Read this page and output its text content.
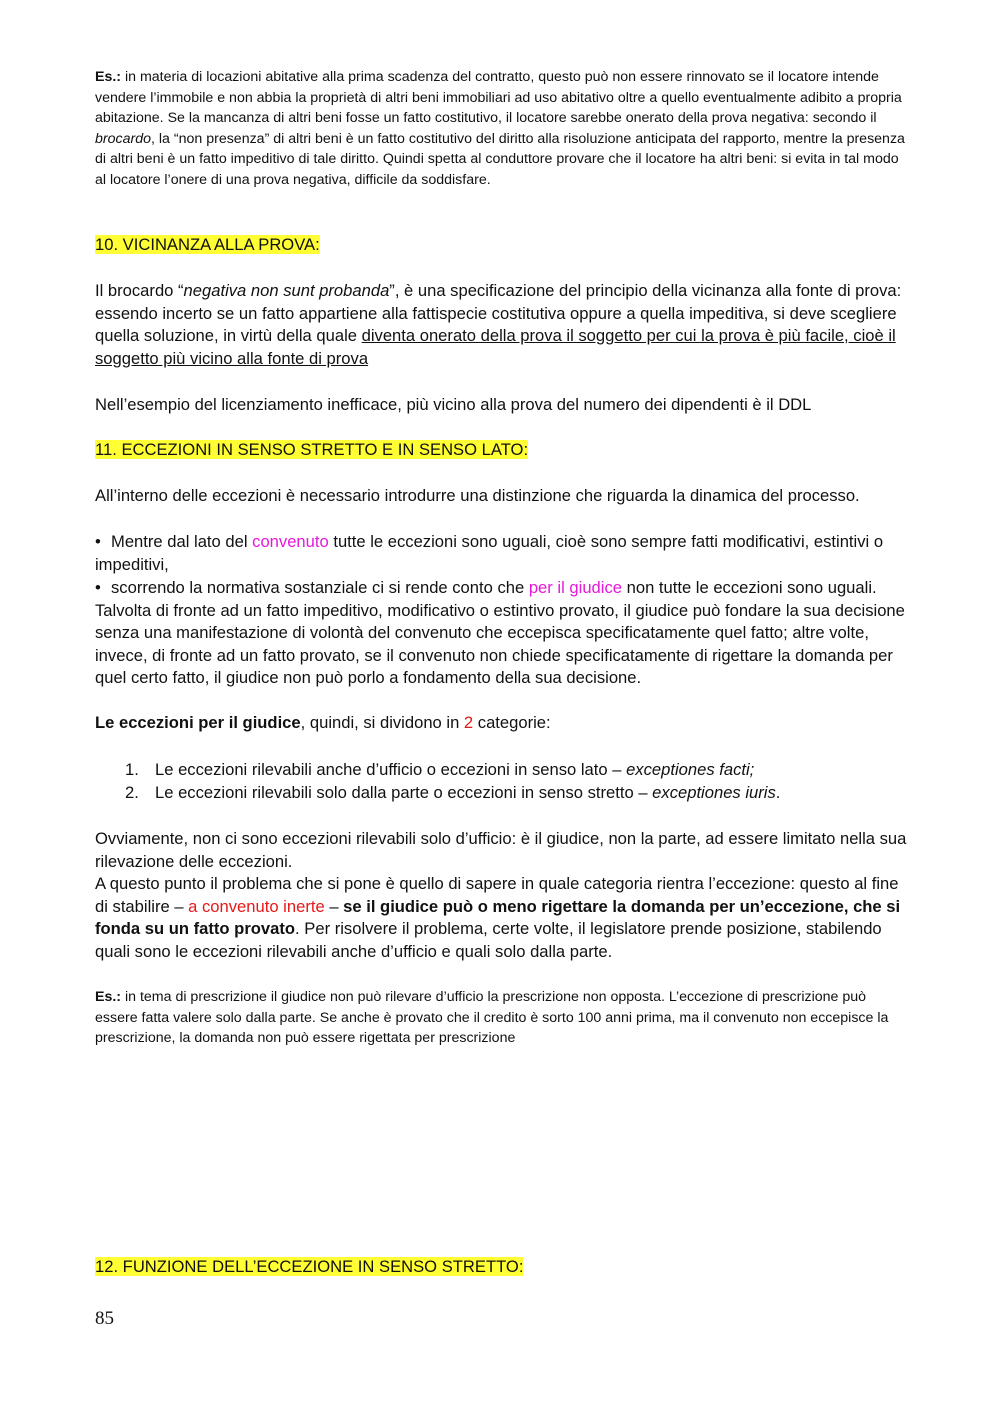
Es.: in materia di locazioni abitative alla prima scadenza del contratto, questo può non essere rinnovato se il locatore intende vendere l’immobile e non abbia la proprietà di altri beni immobiliari ad uso abitativo oltre a quello eventualmente adibito a propria abitazione. Se la mancanza di altri beni fosse un fatto costitutivo, il locatore sarebbe onerato della prova negativa: secondo il brocardo, la “non presenza” di altri beni è un fatto costitutivo del diritto alla risoluzione anticipata del rapporto, mentre la presenza di altri beni è un fatto impeditivo di tale diritto. Quindi spetta al conduttore provare che il locatore ha altri beni: si evita in tal modo al locatore l’onere di una prova negativa, difficile da soddisfare.
10. VICINANZA ALLA PROVA:
Il brocardo “negativa non sunt probanda”, è una specificazione del principio della vicinanza alla fonte di prova: essendo incerto se un fatto appartiene alla fattispecie costitutiva oppure a quella impeditiva, si deve scegliere quella soluzione, in virtù della quale diventa onerato della prova il soggetto per cui la prova è più facile, cioè il soggetto più vicino alla fonte di prova
Nell’esempio del licenziamento inefficace, più vicino alla prova del numero dei dipendenti è il DDL
11. ECCEZIONI IN SENSO STRETTO E IN SENSO LATO:
All’interno delle eccezioni è necessario introdurre una distinzione che riguarda la dinamica del processo.
• Mentre dal lato del convenuto tutte le eccezioni sono uguali, cioè sono sempre fatti modificativi, estintivi o impeditivi,
• scorrendo la normativa sostanziale ci si rende conto che per il giudice non tutte le eccezioni sono uguali. Talvolta di fronte ad un fatto impeditivo, modificativo o estintivo provato, il giudice può fondare la sua decisione senza una manifestazione di volontà del convenuto che eccepisca specificatamente quel fatto; altre volte, invece, di fronte ad un fatto provato, se il convenuto non chiede specificatamente di rigettare la domanda per quel certo fatto, il giudice non può porlo a fondamento della sua decisione.
Le eccezioni per il giudice, quindi, si dividono in 2 categorie:
1. Le eccezioni rilevabili anche d’ufficio o eccezioni in senso lato – exceptiones facti;
2. Le eccezioni rilevabili solo dalla parte o eccezioni in senso stretto – exceptiones iuris.
Ovviamente, non ci sono eccezioni rilevabili solo d’ufficio: è il giudice, non la parte, ad essere limitato nella sua rilevazione delle eccezioni.
A questo punto il problema che si pone è quello di sapere in quale categoria rientra l’eccezione: questo al fine di stabilire – a convenuto inerte – se il giudice può o meno rigettare la domanda per un’eccezione, che si fonda su un fatto provato. Per risolvere il problema, certe volte, il legislatore prende posizione, stabilendo quali sono le eccezioni rilevabili anche d’ufficio e quali solo dalla parte.
Es.: in tema di prescrizione il giudice non può rilevare d’ufficio la prescrizione non opposta. L’eccezione di prescrizione può essere fatta valere solo dalla parte. Se anche è provato che il credito è sorto 100 anni prima, ma il convenuto non eccepisce la prescrizione, la domanda non può essere rigettata per prescrizione
12. FUNZIONE DELL’ECCEZIONE IN SENSO STRETTO:
85
